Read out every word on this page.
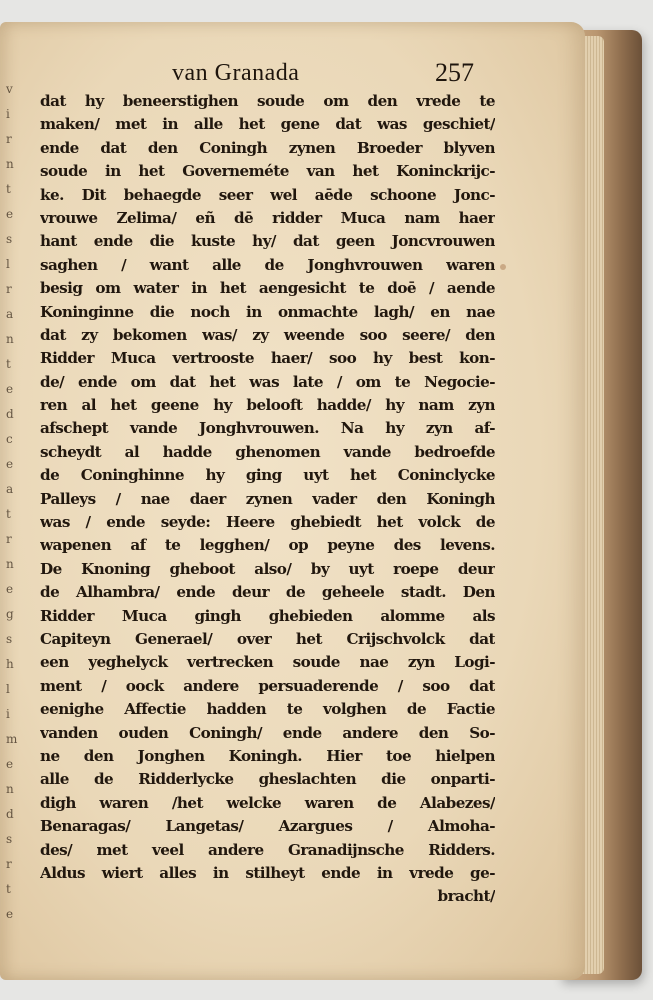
v
i
r
n
t
e
s
l
r
a
n
t
e
d
c
e
a
t
r
n
e
g
s
h
l
i
m
e
n
d
s
r
t
e
van Granada	257
dat hy beneerstighen soude om den vrede te
maken/ met in alle het gene dat was geschiet/
ende dat den Coningh zynen Broeder blyven
soude in het Governeméte van het Koninckrijc-
ke. Dit behaegde seer wel aēde schoone Jonc-
vrouwe Zelima/ eñ dē ridder Muca nam haer
hant ende die kuste hy/ dat geen Joncvrouwen
saghen / want alle de Jonghvrouwen waren
besig om water in het aengesicht te doē / aende
Koninginne die noch in onmachte lagh/ en nae
dat zy bekomen was/ zy weende soo seere/ den
Ridder Muca vertrooste haer/ soo hy best kon-
de/ ende om dat het was late / om te Negocie-
ren al het geene hy belooft hadde/ hy nam zyn
afschept vande Jonghvrouwen. Na hy zyn af-
scheydt al hadde ghenomen vande bedroefde
de Coninghinne hy ging uyt het Coninclycke
Palleys / nae daer zynen vader den Koningh
was / ende seyde: Heere ghebiedt het volck de
wapenen af te legghen/ op peyne des levens.
De Knoning gheboot also/ by uyt roepe deur
de Alhambra/ ende deur de geheele stadt. Den
Ridder Muca gingh ghebieden alomme als
Capiteyn Generael/ over het Crijschvolck dat
een yeghelyck vertrecken soude nae zyn Logi-
ment / oock andere persuaderende / soo dat
eenighe Affectie hadden te volghen de Factie
vanden ouden Coningh/ ende andere den So-
ne den Jonghen Koningh. Hier toe hielpen
alle de Ridderlycke gheslachten die onparti-
digh waren /het welcke waren de Alabezes/
Benaragas/ Langetas/ Azargues / Almoha-
des/ met veel andere Granadijnsche Ridders.
Aldus wiert alles in stilheyt ende in vrede ge-
bracht/
